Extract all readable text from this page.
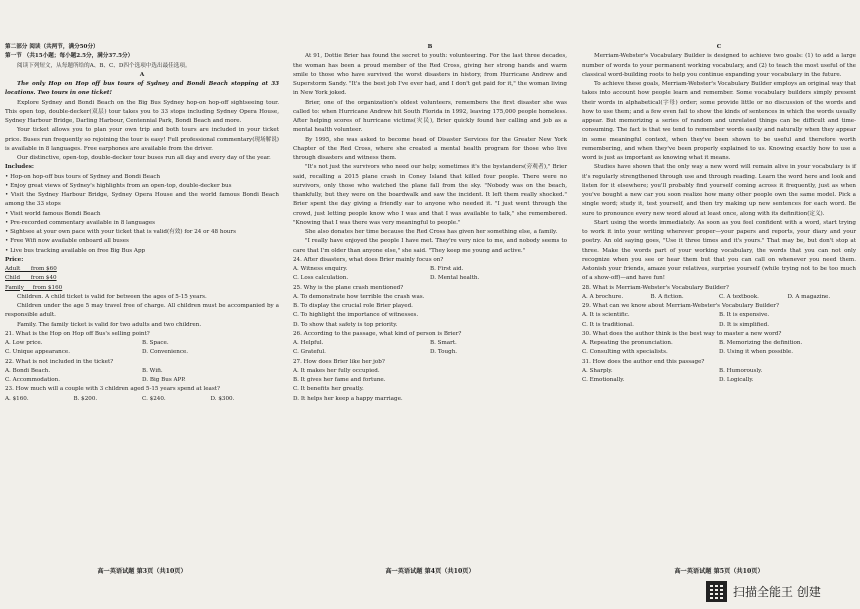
第二部分 阅读（共两节，满分50分）

第一节 （共15小题；每小题2.5分，满分37.5分）

阅读下列短文，从每题所给的A、B、C、D四个选项中选出最佳选项。

A

The only Hop on Hop off bus tours of Sydney and Bondi Beach stopping at 33 locations. Two tours in one ticket!

Explore Sydney and Bondi Beach on the Big Bus Sydney hop-on hop-off sightseeing tour. This open top, double-decker(双层) tour takes you to 33 stops including Sydney Opera House, Sydney Harbour Bridge, Darling Harbour, Centennial Park, Bondi Beach and more.

Your ticket allows you to plan your own trip and both tours are included in your ticket price. Buses run frequently so rejoining the tour is easy! Full professional commentary(现场解说) is available in 8 languages. Free earphones are available from the driver.

Our distinctive, open-top, double-decker tour buses run all day and every day of the year.

Includes:

• Hop-on hop-off bus tours of Sydney and Bondi Beach

• Enjoy great views of Sydney's highlights from an open-top, double-decker bus

• Visit the Sydney Harbour Bridge, Sydney Opera House and the world famous Bondi Beach among the 33 stops

• Visit world famous Bondi Beach

• Pre-recorded commentary available in 8 languages

• Sightsee at your own pace with your ticket that is valid(有效) for 24 or 48 hours

• Free Wifi now available onboard all buses

• Live bus tracking available on free Big Bus App

Price:

Adult      from $60

Child      from $40

Family     from $160

Children. A child ticket is valid for between the ages of 5-15 years.

Children under the age 5 may travel free of charge. All children must be accompanied by a responsible adult.

Family. The family ticket is valid for two adults and two children.

21. What is the Hop on Hop off Bus's selling point?

A. Low price.	B. Space.
C. Unique appearance.	D. Convenience.

22. What is not included in the ticket?

A. Bondi Beach.	B. Wifi.
C. Accommodation.	D. Big Bus APP.

23. How much will a couple with 3 children aged 5-15 years spend at least?

A. $160.	B. $200.	C. $240.	D. $300.

B

At 91, Dottie Brier has found the secret to youth: volunteering. For the last three decades, the woman has been a proud member of the Red Cross, giving her strong hands and warm smile to those who have survived the worst disasters in history, from Hurricane Andrew and Superstorm Sandy. "It's the best job I've ever had, and I don't get paid for it," the woman living in New York joked.

Brier, one of the organization's oldest volunteers, remembers the first disaster she was called to: when Hurricane Andrew hit South Florida in 1992, leaving 175,000 people homeless. After helping scores of hurricane victims(灾民), Brier quickly found her calling and job as a mental health volunteer.

By 1995, she was asked to become head of Disaster Services for the Greater New York Chapter of the Red Cross, where she created a mental health program for those who live through disasters and witness them.

"It's not just the survivors who need our help; sometimes it's the bystanders(旁观者)," Brier said, recalling a 2015 plane crash in Coney Island that killed four people. There were no survivors, only those who watched the plane fall from the sky. "Nobody was on the beach, thankfully, but they were on the boardwalk and saw the incident. It left them really shocked." Brier spent the day giving a friendly ear to anyone who needed it. "I just went through the crowd, just letting people know who I was and that I was available to talk," she remembered. "Knowing that I was there was very meaningful to people."

She also donates her time because the Red Cross has given her something else, a family.

"I really have enjoyed the people I have met. They're very nice to me, and nobody seems to care that I'm older than anyone else," she said. "They keep me young and active."

24. After disasters, what does Brier mainly focus on?

A. Witness enquiry.	B. First aid.
C. Loss calculation.	D. Mental health.

25. Why is the plane crash mentioned?

A. To demonstrate how terrible the crash was.

B. To display the crucial role Brier played.

C. To highlight the importance of witnesses.

D. To show that safety is top priority.

26. According to the passage, what kind of person is Brier?

A. Helpful.	B. Smart.
C. Grateful.	D. Tough.

27. How does Brier like her job?

A. It makes her fully occupied.

B. It gives her fame and fortune.

C. It benefits her greatly.

D. It helps her keep a happy marriage.

C

Merriam-Webster's Vocabulary Builder is designed to achieve two goals: (1) to add a large number of words to your permanent working vocabulary, and (2) to teach the most useful of the classical word-building roots to help you continue expanding your vocabulary in the future.

To achieve these goals, Merriam-Webster's Vocabulary Builder employs an original way that takes into account how people learn and remember. Some vocabulary builders simply present their words in alphabetical(字母) order; some provide little or no discussion of the words and how to use them; and a few even fail to show the kinds of sentences in which the words usually appear. But memorizing a series of random and unrelated things can be difficult and time-consuming. The fact is that we tend to remember words easily and naturally when they appear in some meaningful context, when they've been shown to be useful and therefore worth remembering, and when they've been properly explained to us. Knowing exactly how to use a word is just as important as knowing what it means.

Studies have shown that the only way a new word will remain alive in your vocabulary is if it's regularly strengthened through use and through reading. Learn the word here and look and listen for it elsewhere; you'll probably find yourself coming across it frequently, just as when you've bought a new car you soon realize how many other people own the same model. Pick a single word; study it, test yourself, and then try making up new sentences for each word. Be sure to pronounce every new word aloud at least once, along with its definition(定义).

Start using the words immediately. As soon as you feel confident with a word, start trying to work it into your writing wherever proper—your papers and reports, your diary and your poetry. An old saying goes, "Use it three times and it's yours." That may be, but don't stop at three. Make the words part of your working vocabulary, the words that you can not only recognize when you see or hear them but that you can call on whenever you need them. Astonish your friends, amaze your relatives, surprise yourself (while trying not to be too much of a show-off)—and have fun!

28. What is Merriam-Webster's Vocabulary Builder?

A. A brochure.	B. A fiction.	C. A textbook.	D. A magazine.

29. What can we know about Merriam-Webster's Vocabulary Builder?

A. It is scientific.	B. It is expensive.
C. It is traditional.	D. It is simplified.

30. What does the author think is the best way to master a new word?

A. Repeating the pronunciation.	B. Memorizing the definition.
C. Consulting with specialists.	D. Using it when possible.

31. How does the author end this passage?

A. Sharply.	B. Humorously.
C. Emotionally.	D. Logically.
高一英语试题 第3页（共10页）	高一英语试题 第4页（共10页）	高一英语试题 第5页（共10页）
扫描全能王 创建
